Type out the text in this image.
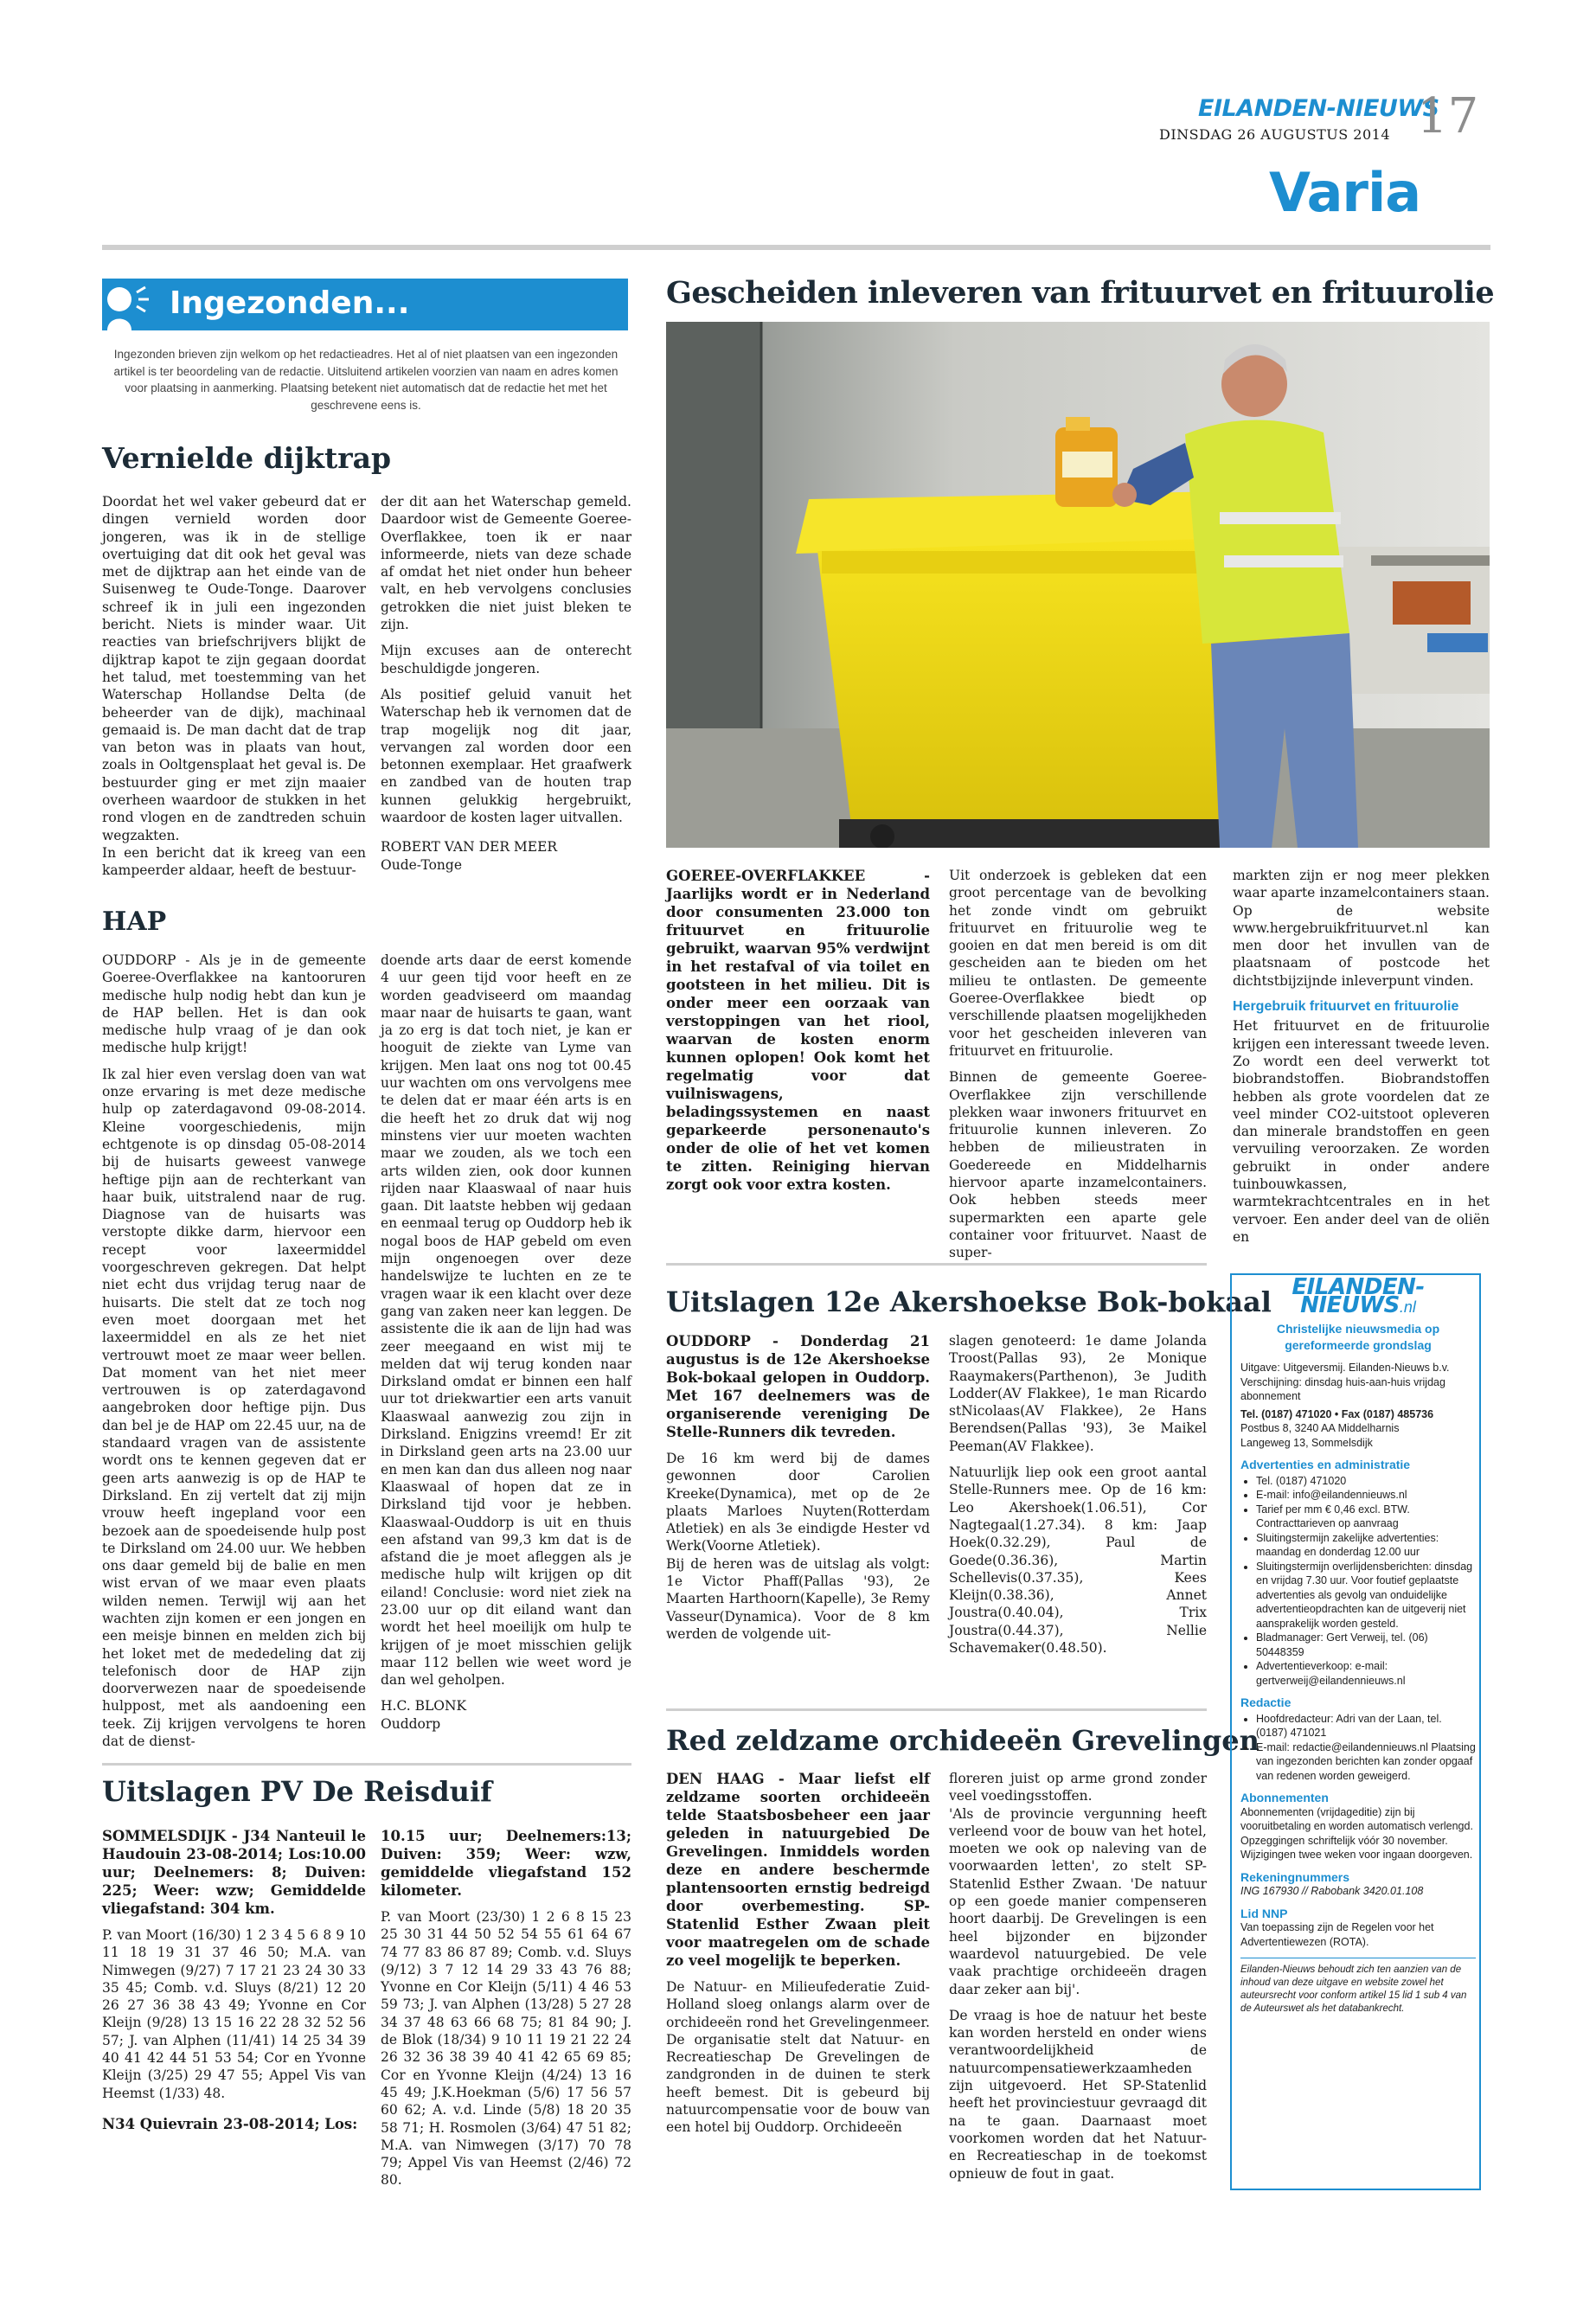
EILANDEN-NIEUWS
DINSDAG 26 AUGUSTUS 2014 17
Varia
Ingezonden...
Ingezonden brieven zijn welkom op het redactieadres. Het al of niet plaatsen van een ingezonden artikel is ter beoordeling van de redactie. Uitsluitend artikelen voorzien van naam en adres komen voor plaatsing in aanmerking. Plaatsing betekent niet automatisch dat de redactie het met het geschrevene eens is.
Vernielde dijktrap
Doordat het wel vaker gebeurd dat er dingen vernield worden door jongeren, was ik in de stellige overtuiging dat dit ook het geval was met de dijktrap aan het einde van de Suisenweg te Oude-Tonge. Daarover schreef ik in juli een ingezonden bericht. Niets is minder waar. Uit reacties van briefschrijvers blijkt de dijktrap kapot te zijn gegaan doordat het talud, met toestemming van het Waterschap Hollandse Delta (de beheerder van de dijk), machinaal gemaaid is. De man dacht dat de trap van beton was in plaats van hout, zoals in Ooltgensplaat het geval is. De bestuurder ging er met zijn maaier overheen waardoor de stukken in het rond vlogen en de zandtreden schuin wegzakten.
In een bericht dat ik kreeg van een kampeerder aldaar, heeft de bestuur-

der dit aan het Waterschap gemeld. Daardoor wist de Gemeente Goeree-Overflakkee, toen ik er naar informeerde, niets van deze schade af omdat het niet onder hun beheer valt, en heb vervolgens conclusies getrokken die niet juist bleken te zijn.

Mijn excuses aan de onterecht beschuldigde jongeren.

Als positief geluid vanuit het Waterschap heb ik vernomen dat de trap mogelijk nog dit jaar, vervangen zal worden door een betonnen exemplaar. Het graafwerk en zandbed van de houten trap kunnen gelukkig hergebruikt, waardoor de kosten lager uitvallen.

ROBERT VAN DER MEER
Oude-Tonge
HAP

OUDDORP - Als je in de gemeente Goeree-Overflakkee na kantooruren medische hulp nodig hebt dan kun je de HAP bellen. Het is dan ook medische hulp vraag of je dan ook medische hulp krijgt!

Ik zal hier even verslag doen van wat onze ervaring is met deze medische hulp op zaterdagavond 09-08-2014. Kleine voorgeschiedenis, mijn echtgenote is op dinsdag 05-08-2014 bij de huisarts geweest vanwege heftige pijn aan de rechterkant van haar buik, uitstralend naar de rug. Diagnose van de huisarts was verstopte dikke darm, hiervoor een recept voor laxeermiddel voorgeschreven gekregen. Dat helpt niet echt dus vrijdag terug naar de huisarts. Die stelt dat ze toch nog even moet doorgaan met het laxeermiddel en als ze het niet vertrouwt moet ze maar weer bellen. Dat moment van het niet meer vertrouwen is op zaterdagavond aangebroken door heftige pijn. Dus dan bel je de HAP om 22.45 uur, na de standaard vragen van de assistente wordt ons te kennen gegeven dat er geen arts aanwezig is op de HAP te Dirksland. En zij vertelt dat zij mijn vrouw heeft ingepland voor een bezoek aan de spoedeisende hulp post te Dirksland om 24.00 uur. We hebben ons daar gemeld bij de balie en men wist ervan of we maar even plaats wilden nemen. Terwijl wij aan het wachten zijn komen er een jongen en een meisje binnen en melden zich bij het loket met de mededeling dat zij telefonisch door de HAP zijn doorverwezen naar de spoedeisende hulppost, met als aandoening een teek. Zij krijgen vervolgens te horen dat de dienst-

doende arts daar de eerst komende 4 uur geen tijd voor heeft en ze worden geadviseerd om maandag maar naar de huisarts te gaan, want ja zo erg is dat toch niet, je kan er hooguit de ziekte van Lyme van krijgen. Men laat ons nog tot 00.45 uur wachten om ons vervolgens mee te delen dat er maar één arts is en die heeft het zo druk dat wij nog minstens vier uur moeten wachten maar we zouden, als we toch een arts wilden zien, ook door kunnen rijden naar Klaaswaal of naar huis gaan. Dit laatste hebben wij gedaan en eenmaal terug op Ouddorp heb ik nogal boos de HAP gebeld om even mijn ongenoegen over deze handelswijze te luchten en ze te vragen waar ik een klacht over deze gang van zaken neer kan leggen. De assistente die ik aan de lijn had was zeer meegaand en wist mij te melden dat wij terug konden naar Dirksland omdat er binnen een half uur tot driekwartier een arts vanuit Klaaswaal aanwezig zou zijn in Dirksland. Enigzins vreemd! Er zit in Dirksland geen arts na 23.00 uur en men kan dan dus alleen nog naar Klaaswaal of hopen dat ze in Dirksland tijd voor je hebben. Klaaswaal-Ouddorp is uit en thuis een afstand van 99,3 km dat is de afstand die je moet afleggen als je medische hulp wilt krijgen op dit eiland! Conclusie: word niet ziek na 23.00 uur op dit eiland want dan wordt het heel moeilijk om hulp te krijgen of je moet misschien gelijk maar 112 bellen wie weet word je dan wel geholpen.

H.C. BLONK
Ouddorp
Uitslagen PV De Reisduif

SOMMELSDIJK - J34 Nanteuil le Haudouin 23-08-2014; Los:10.00 uur; Deelnemers: 8; Duiven: 225; Weer: wzw; Gemiddelde vliegafstand: 304 km.

P. van Moort (16/30) 1 2 3 4 5 6 8 9 10 11 18 19 31 37 46 50; M.A. van Nimwegen (9/27) 7 17 21 23 24 30 33 35 45; Comb. v.d. Sluys (8/21) 12 20 26 27 36 38 43 49; Yvonne en Cor Kleijn (9/28) 13 15 16 22 28 32 52 56 57; J. van Alphen (11/41) 14 25 34 39 40 41 42 44 51 53 54; Cor en Yvonne Kleijn (3/25) 29 47 55; Appel Vis van Heemst (1/33) 48.

N34 Quievrain 23-08-2014; Los:

10.15 uur; Deelnemers:13; Duiven: 359; Weer: wzw, gemiddelde vliegafstand 152 kilometer.

P. van Moort (23/30) 1 2 6 8 15 23 25 30 31 44 50 52 54 55 61 64 67 74 77 83 86 87 89; Comb. v.d. Sluys (9/12) 3 7 12 14 29 33 43 76 88; Yvonne en Cor Kleijn (5/11) 4 46 53 59 73; J. van Alphen (13/28) 5 27 28 34 37 48 63 66 68 75; 81 84 90; J. de Blok (18/34) 9 10 11 19 21 22 24 26 32 36 38 39 40 41 42 65 69 85; Cor en Yvonne Kleijn (4/24) 13 16 45 49; J.K.Hoekman (5/6) 17 56 57 60 62; A. v.d. Linde (5/8) 18 20 35 58 71; H. Rosmolen (3/64) 47 51 82; M.A. van Nimwegen (3/17) 70 78 79; Appel Vis van Heemst (2/46) 72 80.

Gescheiden inleveren van frituurvet en frituurolie

GOEREE-OVERFLAKKEE - Jaarlijks wordt er in Nederland door consumenten 23.000 ton frituurvet en frituurolie gebruikt, waarvan 95% verdwijnt in het restafval of via toilet en gootsteen in het milieu. Dit is onder meer een oorzaak van verstoppingen van het riool, waarvan de kosten enorm kunnen oplopen! Ook komt het regelmatig voor dat vuilniswagens, beladingssystemen en naast geparkeerde personenauto's onder de olie of het vet komen te zitten. Reiniging hiervan zorgt ook voor extra kosten.

Uit onderzoek is gebleken dat een groot percentage van de bevolking het zonde vindt om gebruikt frituurvet en frituurolie weg te gooien en dat men bereid is om dit gescheiden aan te bieden om het milieu te ontlasten. De gemeente Goeree-Overflakkee biedt op verschillende plaatsen mogelijkheden voor het gescheiden inleveren van frituurvet en frituurolie.

Binnen de gemeente Goeree-Overflakkee zijn verschillende plekken waar inwoners frituurvet en frituurolie kunnen inleveren. Zo hebben de milieustraten in Goedereede en Middelharnis hiervoor aparte inzamelcontainers. Ook hebben steeds meer supermarkten een aparte gele container voor frituurvet. Naast de super-

markten zijn er nog meer plekken waar aparte inzamelcontainers staan. Op de website www.hergebruikfrituurvet.nl kan men door het invullen van de plaatsnaam of postcode het dichtstbijzijnde inleverpunt vinden.

Hergebruik frituurvet en frituurolie

Het frituurvet en de frituurolie krijgen een interessant tweede leven. Zo wordt een deel verwerkt tot biobrandstoffen. Biobrandstoffen hebben als grote voordelen dat ze veel minder CO2-uitstoot opleveren dan minerale brandstoffen en geen vervuiling veroorzaken. Ze worden gebruikt in onder andere tuinbouwkassen, warmtekrachtcentrales en in het vervoer. Een ander deel van de oliën en

Uitslagen 12e Akershoekse Bok-bokaal

OUDDORP - Donderdag 21 augustus is de 12e Akershoekse Bok-bokaal gelopen in Ouddorp. Met 167 deelnemers was de organiserende vereniging De Stelle-Runners dik tevreden.

De 16 km werd bij de dames gewonnen door Carolien Kreeke(Dynamica), met op de 2e plaats Marloes Nuyten(Rotterdam Atletiek) en als 3e eindigde Hester vd Werk(Voorne Atletiek).
Bij de heren was de uitslag als volgt: 1e Victor Phaff(Pallas '93), 2e Maarten Harthoorn(Kapelle), 3e Remy Vasseur(Dynamica). Voor de 8 km werden de volgende uit-

slagen genoteerd: 1e dame Jolanda Troost(Pallas 93), 2e Monique Raaymakers(Parthenon), 3e Judith Lodder(AV Flakkee), 1e man Ricardo stNicolaas(AV Flakkee), 2e Hans Berendsen(Pallas '93), 3e Maikel Peeman(AV Flakkee).

Natuurlijk liep ook een groot aantal Stelle-Runners mee. Op de 16 km: Leo Akershoek(1.06.51), Cor Nagtegaal(1.27.34). 8 km: Jaap Hoek(0.32.29), Paul de Goede(0.36.36), Martin Schellevis(0.37.35), Kees Kleijn(0.38.36), Annet Joustra(0.40.04), Trix Joustra(0.44.37), Nellie Schavemaker(0.48.50).

Red zeldzame orchideeën Grevelingen

DEN HAAG - Maar liefst elf zeldzame soorten orchideeën telde Staatsbosbeheer een jaar geleden in natuurgebied De Grevelingen. Inmiddels worden deze en andere beschermde plantensoorten ernstig bedreigd door overbemesting. SP-Statenlid Esther Zwaan pleit voor maatregelen om de schade zo veel mogelijk te beperken.

De Natuur- en Milieufederatie Zuid-Holland sloeg onlangs alarm over de orchideeën rond het Grevelingenmeer. De organisatie stelt dat Natuur- en Recreatieschap De Grevelingen de zandgronden in de duinen te sterk heeft bemest. Dit is gebeurd bij natuurcompensatie voor de bouw van een hotel bij Ouddorp. Orchideeën

floreren juist op arme grond zonder veel voedingsstoffen.
'Als de provincie vergunning heeft verleend voor de bouw van het hotel, moeten we ook op naleving van de voorwaarden letten', zo stelt SP-Statenlid Esther Zwaan. 'De natuur op een goede manier compenseren hoort daarbij. De Grevelingen is een heel bijzonder en bijzonder waardevol natuurgebied. De vele vaak prachtige orchideeën dragen daar zeker aan bij'.

De vraag is hoe de natuur het beste kan worden hersteld en onder wiens verantwoordelijkheid de natuurcompensatiewerkzaamheden zijn uitgevoerd. Het SP-Statenlid heeft het provinciestuur gevraagd dit na te gaan. Daarnaast moet voorkomen worden dat het Natuur- en Recreatieschap in de toekomst opnieuw de fout in gaat.

EILANDEN-NIEUWS.nl
Christelijke nieuwsmedia op gereformeerde grondslag
Uitgave: Uitgeversmij. Eilanden-Nieuws b.v.
Verschijning: dinsdag huis-aan-huis vrijdag abonnement
Tel. (0187) 471020 • Fax (0187) 485736
Postbus 8, 3240 AA Middelharnis
Langeweg 13, Sommelsdijk
Advertenties en administratie
• Tel. (0187) 471020
• E-mail: info@eilandennieuws.nl
• Tarief per mm € 0,46 excl. BTW. Contracttarieven op aanvraag
• Sluitingstermijn zakelijke advertenties: maandag en donderdag 12.00 uur
• Sluitingstermijn overlijdensberichten: dinsdag en vrijdag 7.30 uur. Voor foutief geplaatste advertenties als gevolg van onduidelijke advertentieopdrachten kan de uitgeverij niet aansprakelijk worden gesteld.
• Bladmanager: Gert Verweij, tel. (06) 50448359
• Advertentieverkoop: e-mail: gertverweij@eilandennieuws.nl
Redactie
• Hoofdredacteur: Adri van der Laan, tel. (0187) 471021
• E-mail: redactie@eilandennieuws.nl Plaatsing van ingezonden berichten kan zonder opgaaf van redenen worden geweigerd.
Abonnementen
Abonnementen (vrijdageditie) zijn bij vooruitbetaling en worden automatisch verlengd. Opzeggingen schriftelijk vóór 30 november. Wijzigingen twee weken voor ingaan doorgeven.
Rekeningnummers
ING 167930 // Rabobank 3420.01.108
Lid NNP
Van toepassing zijn de Regelen voor het Advertentiewezen (ROTA).
Eilanden-Nieuws behoudt zich ten aanzien van de inhoud van deze uitgave en website zowel het auteursrecht voor conform artikel 15 lid 1 sub 4 van de Auteurswet als het databankrecht.
